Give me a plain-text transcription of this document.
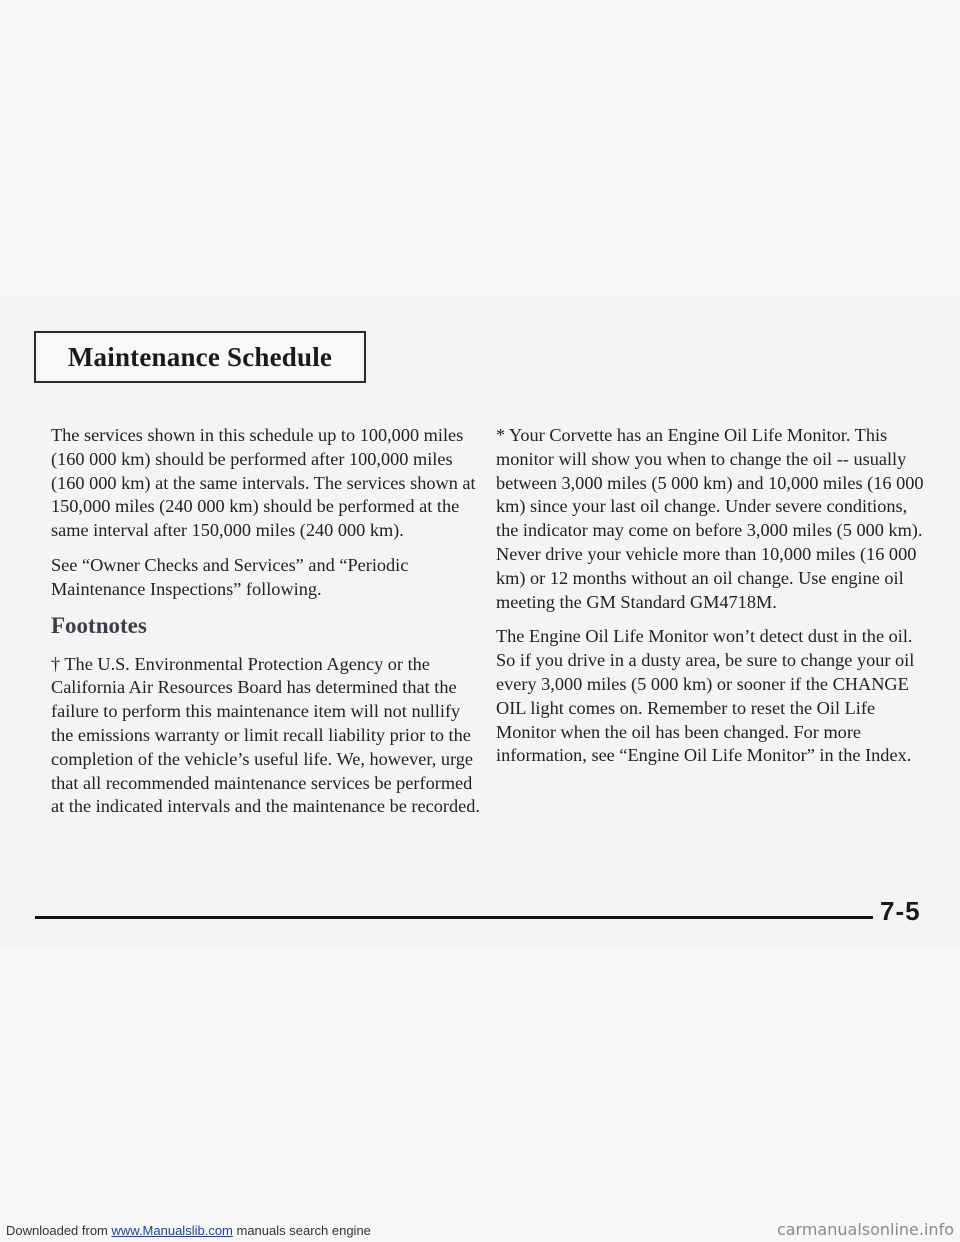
Maintenance Schedule

The services shown in this schedule up to 100,000 miles (160 000 km) should be performed after 100,000 miles (160 000 km) at the same intervals. The services shown at 150,000 miles (240 000 km) should be performed at the same interval after 150,000 miles (240 000 km).

See “Owner Checks and Services” and “Periodic Maintenance Inspections” following.

Footnotes

† The U.S. Environmental Protection Agency or the California Air Resources Board has determined that the failure to perform this maintenance item will not nullify the emissions warranty or limit recall liability prior to the completion of the vehicle’s useful life. We, however, urge that all recommended maintenance services be performed at the indicated intervals and the maintenance be recorded.

* Your Corvette has an Engine Oil Life Monitor. This monitor will show you when to change the oil -- usually between 3,000 miles (5 000 km) and 10,000 miles (16 000 km) since your last oil change. Under severe conditions, the indicator may come on before 3,000 miles (5 000 km). Never drive your vehicle more than 10,000 miles (16 000 km) or 12 months without an oil change. Use engine oil meeting the GM Standard GM4718M.

The Engine Oil Life Monitor won’t detect dust in the oil. So if you drive in a dusty area, be sure to change your oil every 3,000 miles (5 000 km) or sooner if the CHANGE OIL light comes on. Remember to reset the Oil Life Monitor when the oil has been changed. For more information, see “Engine Oil Life Monitor” in the Index.

7-5
Downloaded from www.Manualslib.com manuals search engine	carmanualsonline.info
